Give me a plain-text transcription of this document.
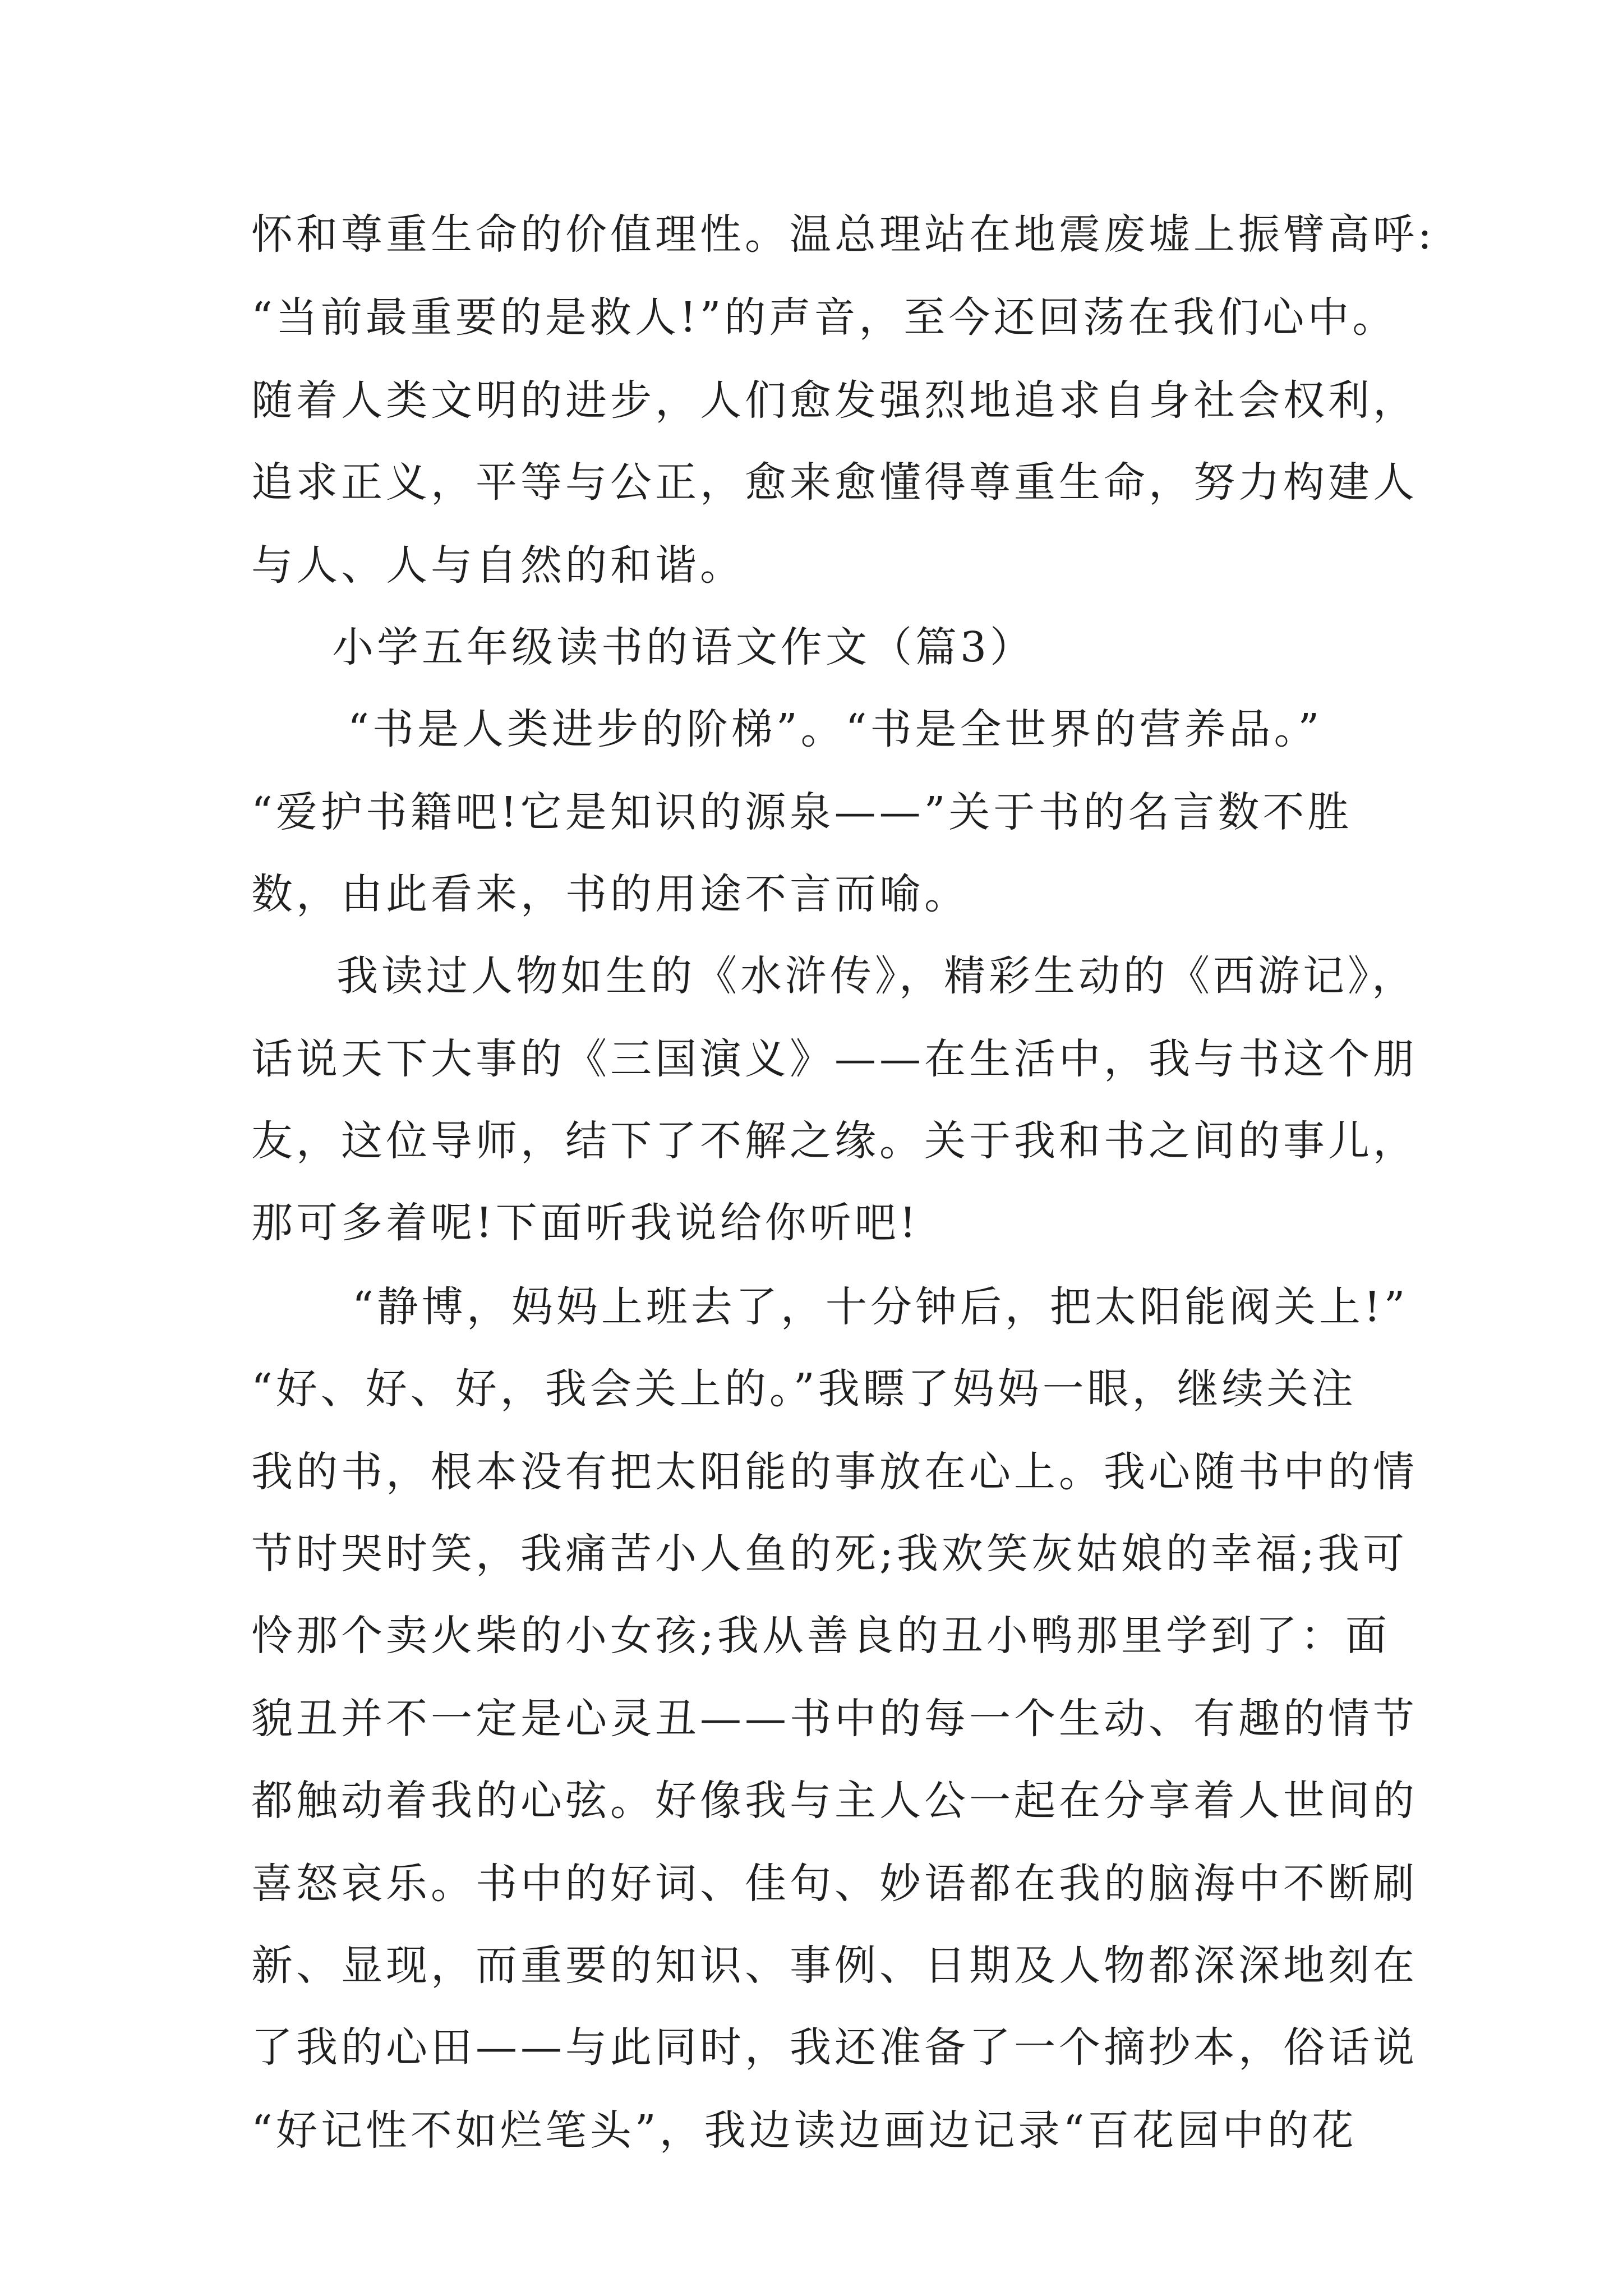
怀和尊重生命的价值理性。温总理站在地震废墟上振臂高呼:

“当前最重要的是救人!”的声音，至今还回荡在我们心中。

随着人类文明的进步，人们愈发强烈地追求自身社会权利，

追求正义，平等与公正，愈来愈懂得尊重生命，努力构建人

与人、人与自然的和谐。

小学五年级读书的语文作文（篇3）

“书是人类进步的阶梯”。“书是全世界的营养品。”

“爱护书籍吧!它是知识的源泉——”关于书的名言数不胜

数，由此看来，书的用途不言而喻。

我读过人物如生的《水浒传》，精彩生动的《西游记》，

话说天下大事的《三国演义》——在生活中，我与书这个朋

友，这位导师，结下了不解之缘。关于我和书之间的事儿，

那可多着呢!下面听我说给你听吧!

“静博，妈妈上班去了，十分钟后，把太阳能阀关上!”

“好、好、好，我会关上的。”我瞟了妈妈一眼，继续关注

我的书，根本没有把太阳能的事放在心上。我心随书中的情

节时哭时笑，我痛苦小人鱼的死;我欢笑灰姑娘的幸福;我可

怜那个卖火柴的小女孩;我从善良的丑小鸭那里学到了：面

貌丑并不一定是心灵丑——书中的每一个生动、有趣的情节

都触动着我的心弦。好像我与主人公一起在分享着人世间的

喜怒哀乐。书中的好词、佳句、妙语都在我的脑海中不断刷

新、显现，而重要的知识、事例、日期及人物都深深地刻在

了我的心田——与此同时，我还准备了一个摘抄本，俗话说

“好记性不如烂笔头”，我边读边画边记录“百花园中的花
